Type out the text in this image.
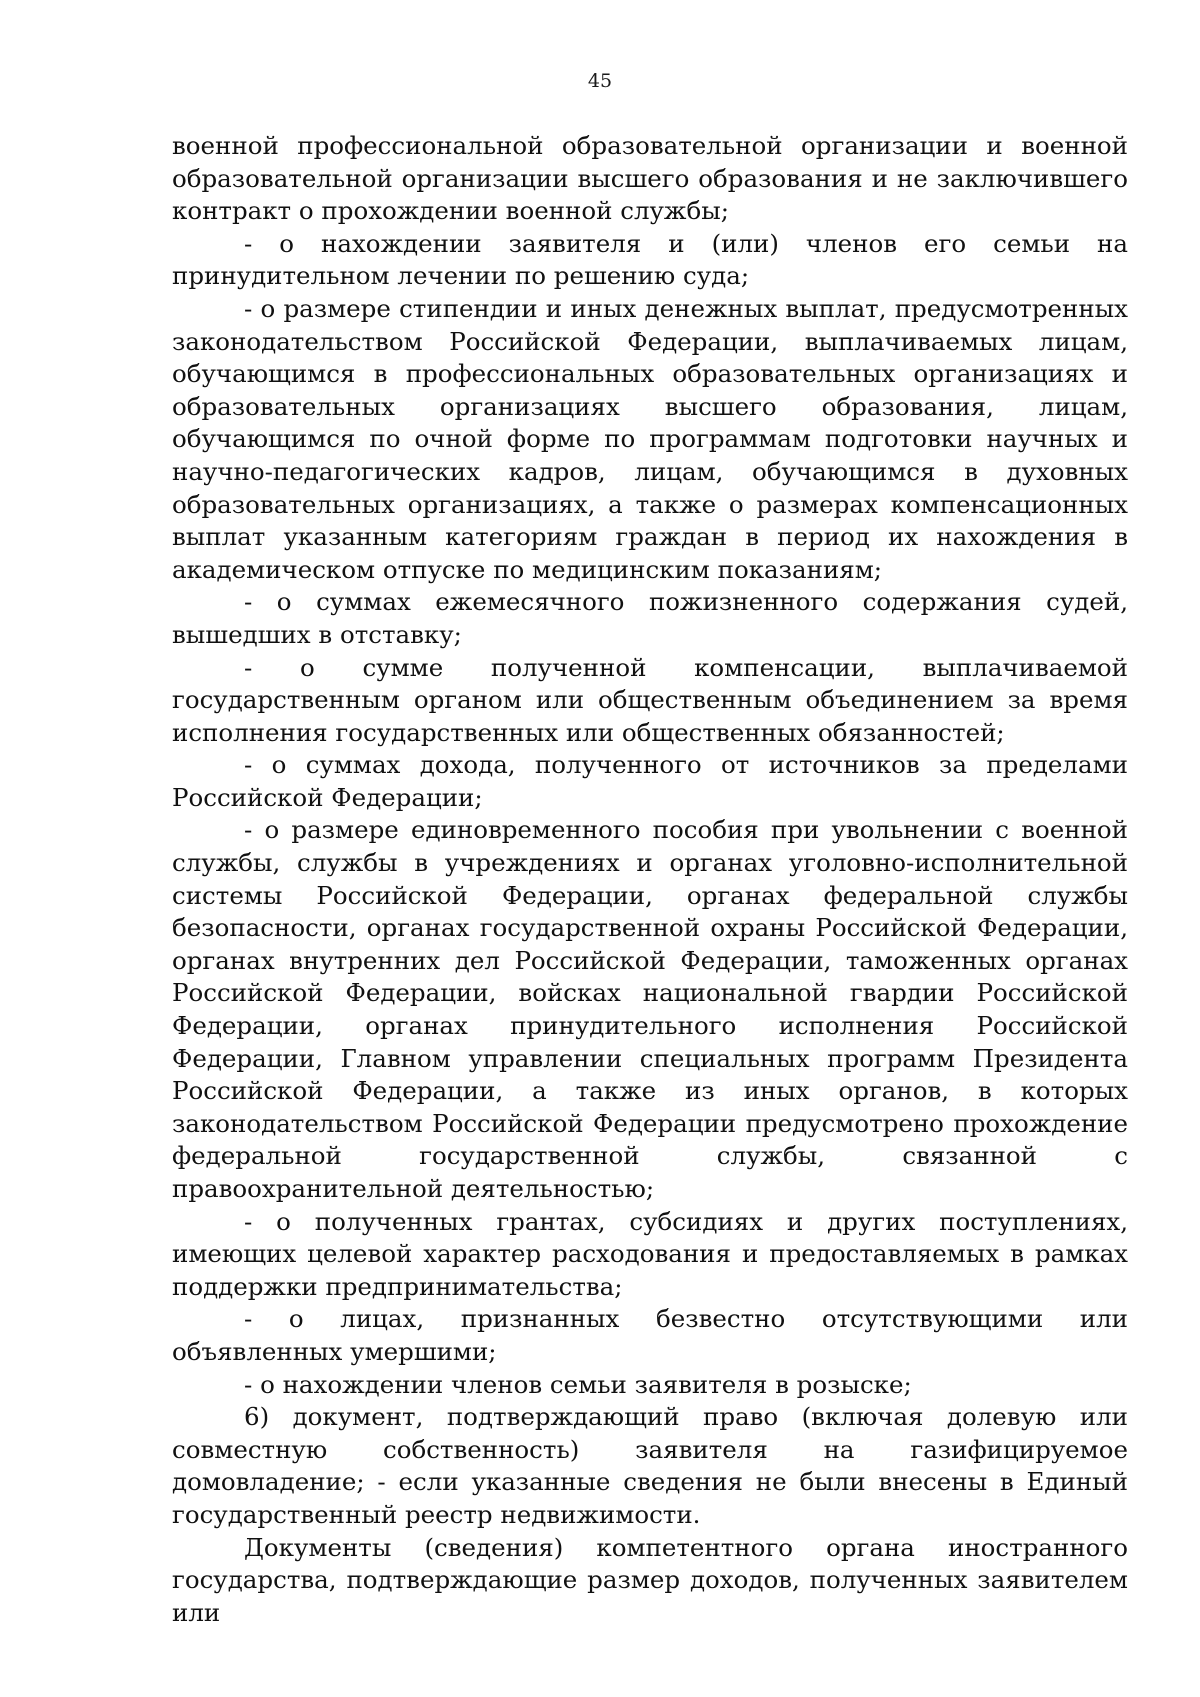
45

военной профессиональной образовательной организации и военной образовательной организации высшего образования и не заключившего контракт о прохождении военной службы;

- о нахождении заявителя и (или) членов его семьи на принудительном лечении по решению суда;

- о размере стипендии и иных денежных выплат, предусмотренных законодательством Российской Федерации, выплачиваемых лицам, обучающимся в профессиональных образовательных организациях и образовательных организациях высшего образования, лицам, обучающимся по очной форме по программам подготовки научных и научно-педагогических кадров, лицам, обучающимся в духовных образовательных организациях, а также о размерах компенсационных выплат указанным категориям граждан в период их нахождения в академическом отпуске по медицинским показаниям;

- о суммах ежемесячного пожизненного содержания судей, вышедших в отставку;

- о сумме полученной компенсации, выплачиваемой государственным органом или общественным объединением за время исполнения государственных или общественных обязанностей;

- о суммах дохода, полученного от источников за пределами Российской Федерации;

- о размере единовременного пособия при увольнении с военной службы, службы в учреждениях и органах уголовно-исполнительной системы Российской Федерации, органах федеральной службы безопасности, органах государственной охраны Российской Федерации, органах внутренних дел Российской Федерации, таможенных органах Российской Федерации, войсках национальной гвардии Российской Федерации, органах принудительного исполнения Российской Федерации, Главном управлении специальных программ Президента Российской Федерации, а также из иных органов, в которых законодательством Российской Федерации предусмотрено прохождение федеральной государственной службы, связанной с правоохранительной деятельностью;

- о полученных грантах, субсидиях и других поступлениях, имеющих целевой характер расходования и предоставляемых в рамках поддержки предпринимательства;

- о лицах, признанных безвестно отсутствующими или объявленных умершими;

- о нахождении членов семьи заявителя в розыске;

6) документ, подтверждающий право (включая долевую или совместную собственность) заявителя на газифицируемое домовладение; - если указанные сведения не были внесены в Единый государственный реестр недвижимости.

Документы (сведения) компетентного органа иностранного государства, подтверждающие размер доходов, полученных заявителем или
